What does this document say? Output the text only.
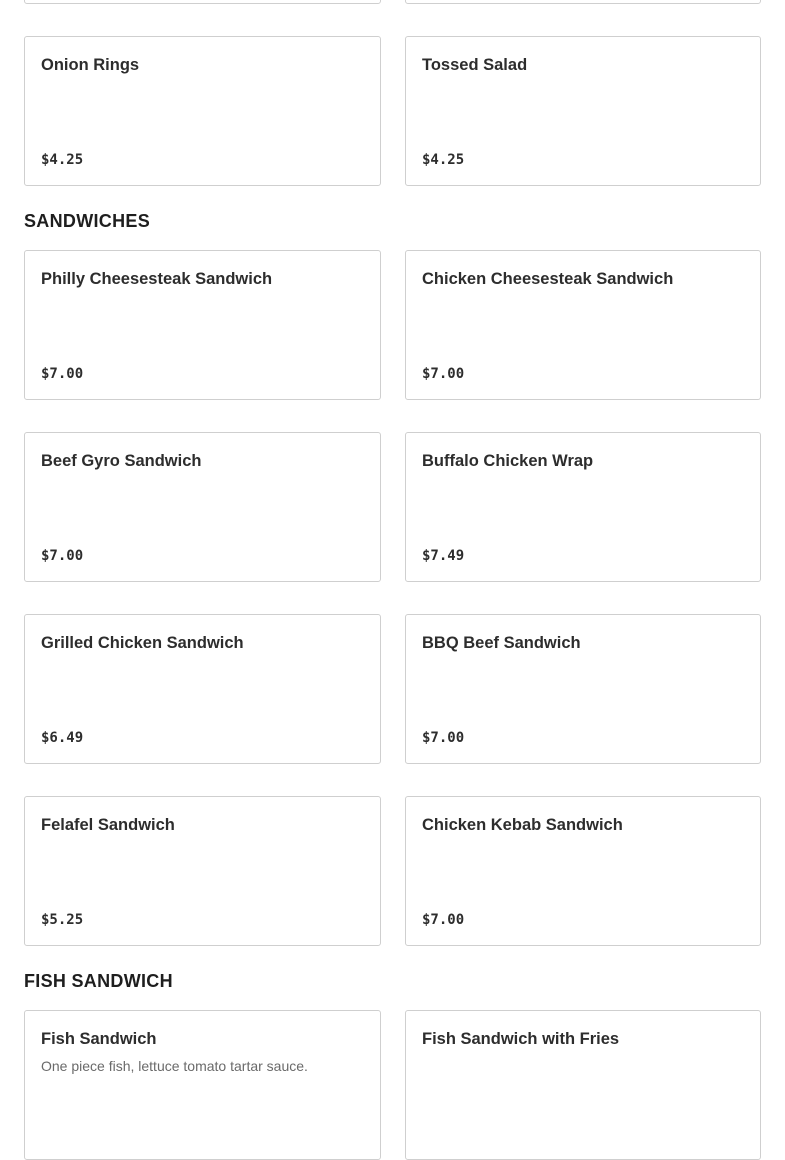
Onion Rings
$4.25
Tossed Salad
$4.25
SANDWICHES
Philly Cheesesteak Sandwich
$7.00
Chicken Cheesesteak Sandwich
$7.00
Beef Gyro Sandwich
$7.00
Buffalo Chicken Wrap
$7.49
Grilled Chicken Sandwich
$6.49
BBQ Beef Sandwich
$7.00
Felafel Sandwich
$5.25
Chicken Kebab Sandwich
$7.00
FISH SANDWICH
Fish Sandwich
One piece fish, lettuce tomato tartar sauce.
Fish Sandwich with Fries
